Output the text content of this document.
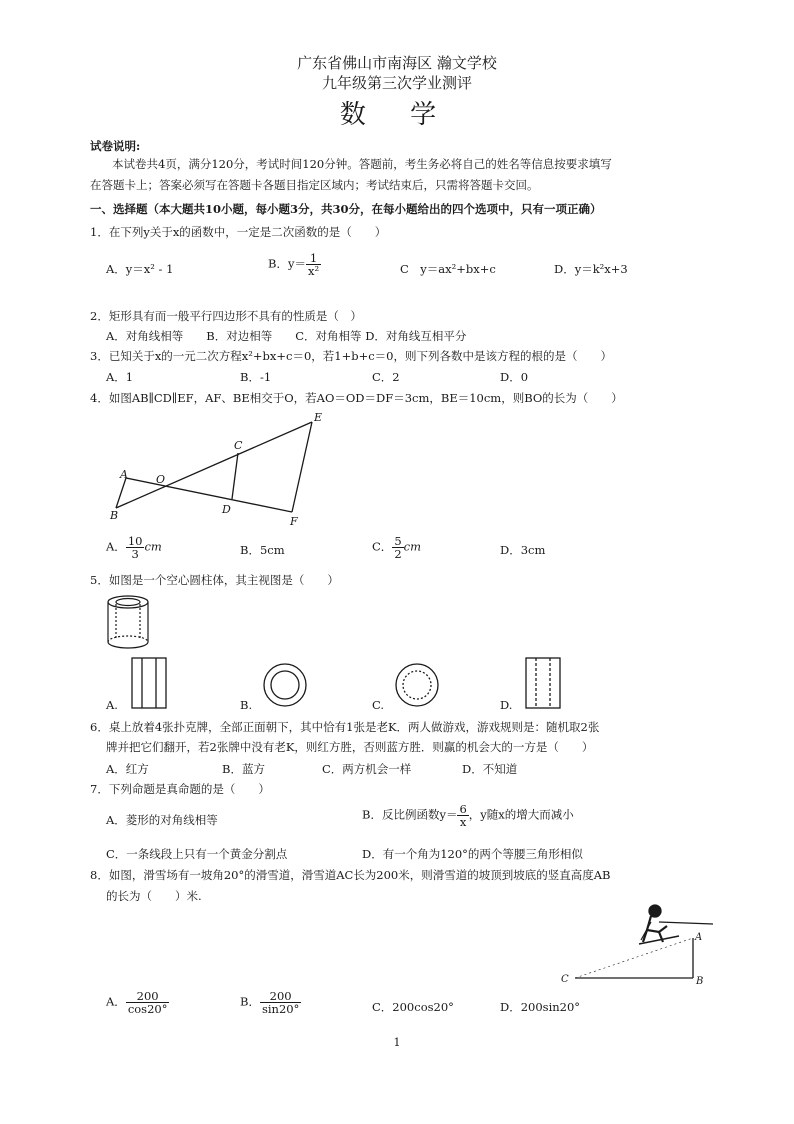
广东省佛山市南海区 瀚文学校
九年级第三次学业测评
数 学
试卷说明:
本试卷共4页，满分120分，考试时间120分钟。答题前，考生务必将自己的姓名等信息按要求填写
在答题卡上；答案必须写在答题卡各题目指定区域内；考试结束后，只需将答题卡交回。
一、选择题（本大题共10小题，每小题3分，共30分，在每小题给出的四个选项中，只有一项正确）
1．在下列y关于x的函数中，一定是二次函数的是（　　）
A．y＝x² - 1	B．$y= \frac{1}{\text{x²}}$	C　y＝ax²+bx+c	D．y＝k²x+3
2．矩形具有而一般平行四边形不具有的性质是（　）
A．对角线相等　　B．对边相等　　C．对角相等 D．对角线互相平分
3．已知关于x的一元二次方程x²+bx+c＝0，若1+b+c＝0，则下列各数中是该方程的根的是（　　）
A．1	B．-1	C．2	D．0
4．如图AB∥CD∥EF，AF、BE相交于O，若AO＝OD＝DF＝3cm，BE＝10cm，则BO的长为（　　）
A
B
C
D
E
F
O
A． $\frac{10}{3}$ cm	B．5cm	C． $\frac{5}{2}$ cm	D．3cm
5．如图是一个空心圆柱体，其主视图是（　　）
A.	B.	C.	D.
6．桌上放着4张扑克牌，全部正面朝下，其中恰有1张是老K．两人做游戏，游戏规则是：随机取2张
牌并把它们翻开，若2张牌中没有老K，则红方胜，否则蓝方胜．则赢的机会大的一方是（　　）
A．红方	B．蓝方	C．两方机会一样	D．不知道
7．下列命题是真命题的是（　　）
A．菱形的对角线相等	B．反比例函数$y= \frac{6}{x}$ ，y随x的增大而减小
C．一条线段上只有一个黄金分割点	D．有一个角为120°的两个等腰三角形相似
8．如图，滑雪场有一坡角20°的滑雪道，滑雪道AC长为200米，则滑雪道的坡顶到坡底的竖直高度AB
的长为（　　）米.
C	B
A
A． $\frac{200}{\cos 20^\circ}$	B． $\frac{200}{\sin 20^\circ}$	C．200cos20°	D．200sin20°
1
